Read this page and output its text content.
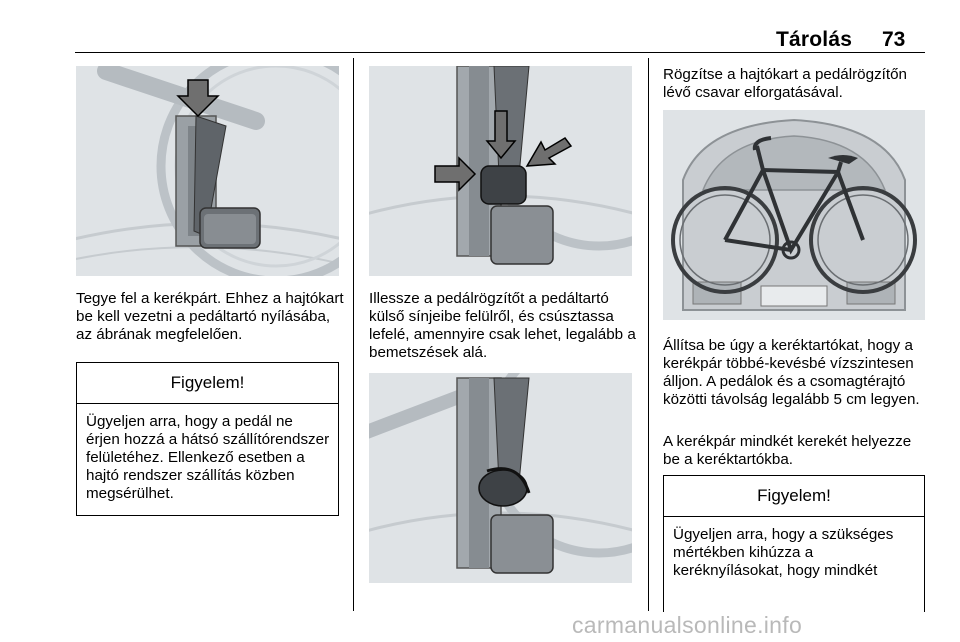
Tárolás 73

Tegye fel a kerékpárt. Ehhez a hajtókart be kell vezetni a pedáltartó nyílásába, az ábrának megfelelően.

Figyelem!
Ügyeljen arra, hogy a pedál ne érjen hozzá a hátsó szállítórendszer felületéhez. Ellenkező esetben a hajtó rendszer szállítás közben megsérülhet.

Illessze a pedálrögzítőt a pedáltartó külső sínjeibe felülről, és csúsztassa lefelé, amennyire csak lehet, legalább a bemetszések alá.

Rögzítse a hajtókart a pedálrögzítőn lévő csavar elforgatásával.

Állítsa be úgy a keréktartókat, hogy a kerékpár többé-kevésbé vízszintesen álljon. A pedálok és a csomagtérajtó közötti távolság legalább 5 cm legyen.

A kerékpár mindkét kerekét helyezze be a keréktartókba.

Figyelem!
Ügyeljen arra, hogy a szükséges mértékben kihúzza a keréknyílásokat, hogy mindkét
carmanualsonline.info
